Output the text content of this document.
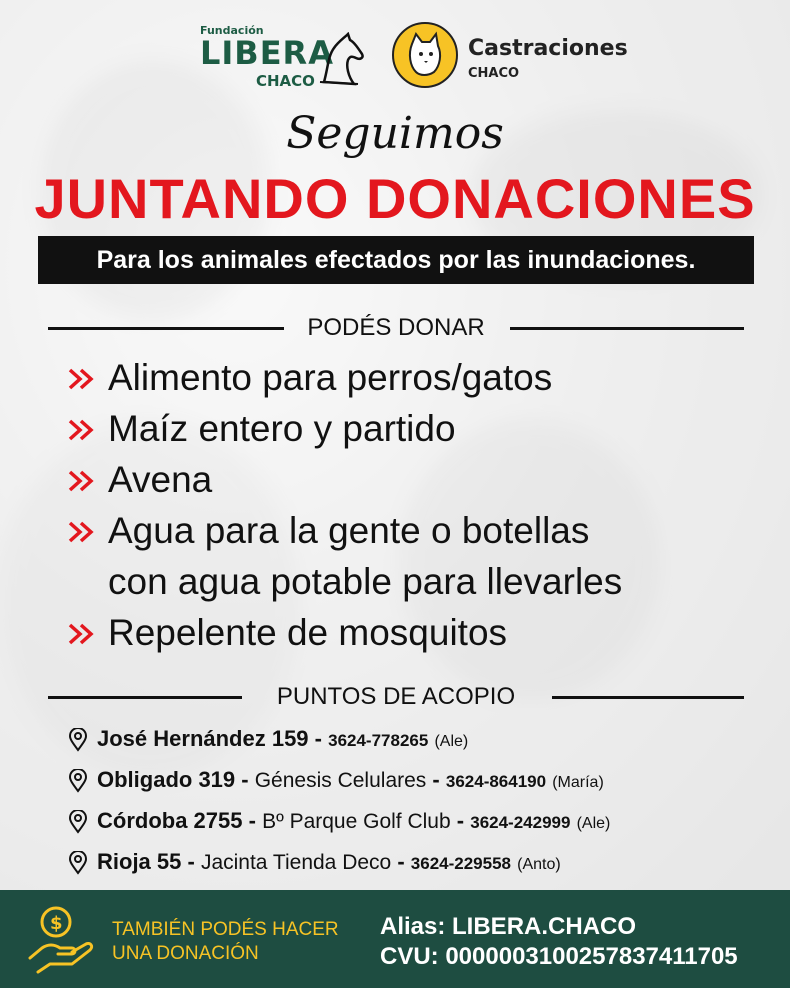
Fundación
LIBERA
CHACO
Castraciones
CHACO
Seguimos
JUNTANDO DONACIONES
Para los animales efectados por las inundaciones.
PODÉS DONAR
Alimento para perros/gatos
Maíz entero y partido
Avena
Agua para la gente o botellas
con agua potable para llevarles
Repelente de mosquitos
PUNTOS DE ACOPIO
José Hernández 159 - 3624-778265 (Ale)
Obligado 319 - Génesis Celulares - 3624-864190 (María)
Córdoba 2755 - Bº Parque Golf Club - 3624-242999 (Ale)
Rioja 55 - Jacinta Tienda Deco - 3624-229558 (Anto)
$	TAMBIÉN PODÉS HACER
UNA DONACIÓN
Alias: LIBERA.CHACO
CVU: 0000003100257837411705
